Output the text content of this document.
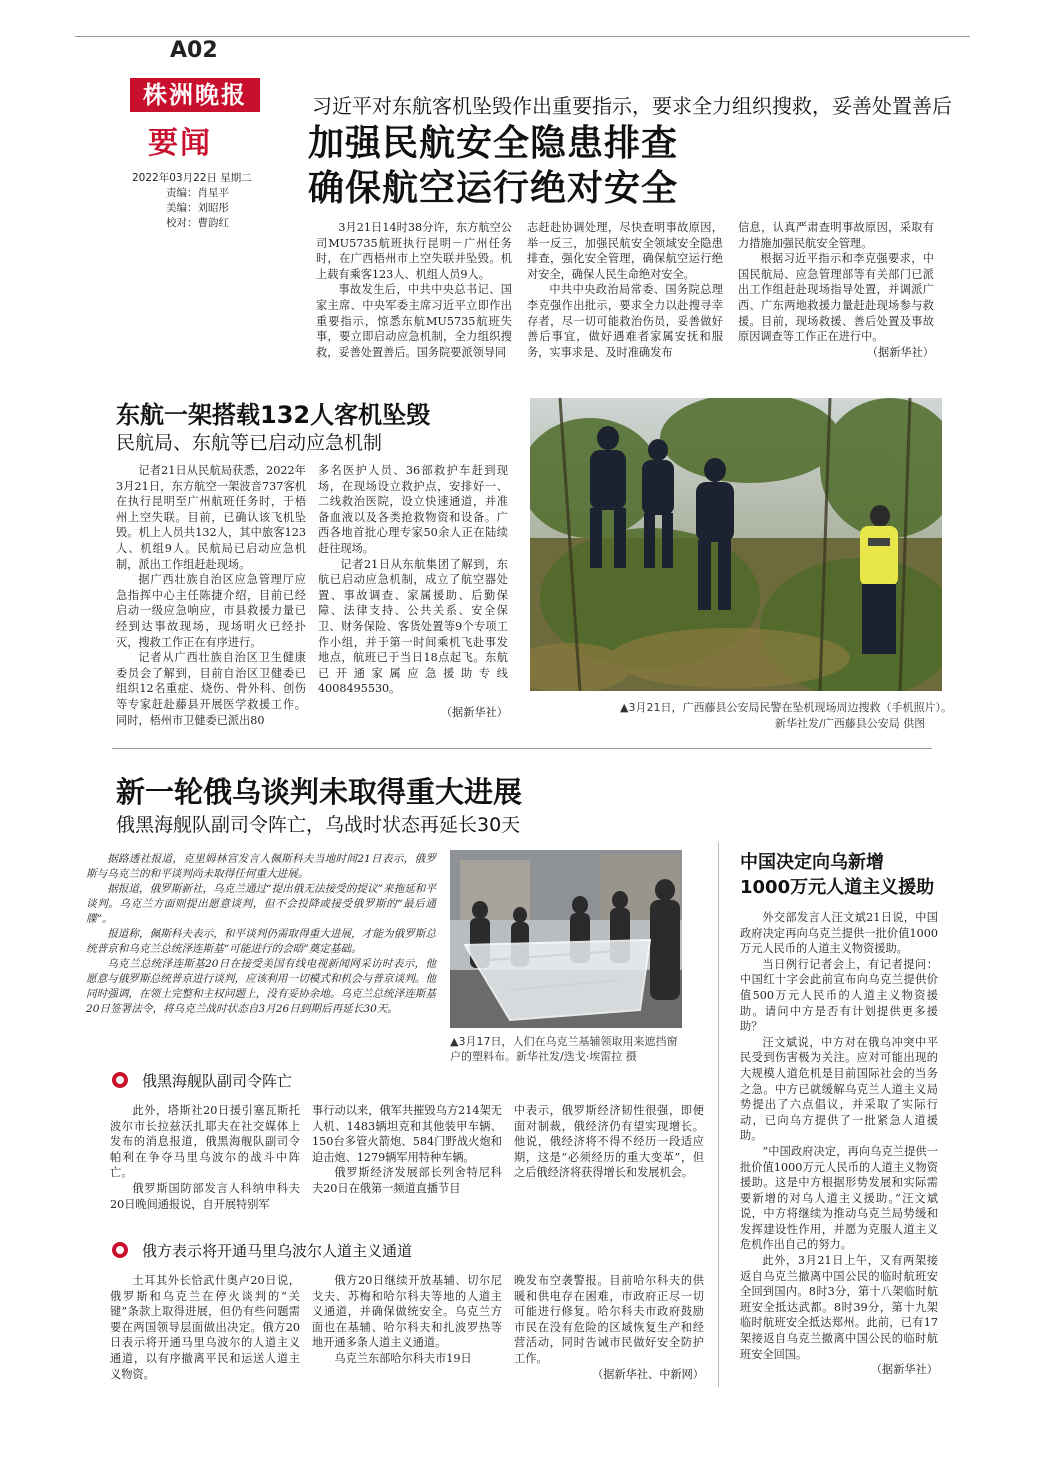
A02
株洲晚报
要闻
2022年03月22日 星期二
责编：肖星平
美编：刘昭彤
校对：曹韵红
习近平对东航客机坠毁作出重要指示，要求全力组织搜救，妥善处置善后
加强民航安全隐患排查
确保航空运行绝对安全

3月21日14时38分许，东方航空公司MU5735航班执行昆明－广州任务时，在广西梧州市上空失联并坠毁。机上载有乘客123人、机组人员9人。

事故发生后，中共中央总书记、国家主席、中央军委主席习近平立即作出重要指示，惊悉东航MU5735航班失事，要立即启动应急机制，全力组织搜救，妥善处置善后。国务院要派领导同

志赶赴协调处理，尽快查明事故原因，举一反三，加强民航安全领域安全隐患排查，强化安全管理，确保航空运行绝对安全，确保人民生命绝对安全。

中共中央政治局常委、国务院总理李克强作出批示，要求全力以赴搜寻幸存者，尽一切可能救治伤员，妥善做好善后事宜，做好遇难者家属安抚和服务，实事求是、及时准确发布

信息，认真严肃查明事故原因，采取有力措施加强民航安全管理。

根据习近平指示和李克强要求，中国民航局、应急管理部等有关部门已派出工作组赶赴现场指导处置，并调派广西、广东两地救援力量赶赴现场参与救援。目前，现场救援、善后处置及事故原因调查等工作正在进行中。

（据新华社）
东航一架搭载132人客机坠毁
民航局、东航等已启动应急机制

记者21日从民航局获悉，2022年3月21日，东方航空一架波音737客机在执行昆明至广州航班任务时，于梧州上空失联。目前，已确认该飞机坠毁。机上人员共132人，其中旅客123人、机组9人。民航局已启动应急机制，派出工作组赶赴现场。

据广西壮族自治区应急管理厅应急指挥中心主任陈捷介绍，目前已经启动一级应急响应，市县救援力量已经到达事故现场，现场明火已经扑灭，搜救工作正在有序进行。

记者从广西壮族自治区卫生健康委员会了解到，目前自治区卫健委已组织12名重症、烧伤、骨外科、创伤等专家赶赴藤县开展医学救援工作。同时，梧州市卫健委已派出80

多名医护人员、36部救护车赶到现场，在现场设立救护点，安排好一、二线救治医院，设立快速通道，并准备血液以及各类抢救物资和设备。广西各地首批心理专家50余人正在陆续赶往现场。

记者21日从东航集团了解到，东航已启动应急机制，成立了航空器处置、事故调查、家属援助、后勤保障、法律支持、公共关系、安全保卫、财务保险、客货处置等9个专项工作小组，并于第一时间乘机飞赴事发地点，航班已于当日18点起飞。东航已开通家属应急援助专线4008495530。

（据新华社）	▲3月21日，广西藤县公安局民警在坠机现场周边搜救（手机照片）。
新华社发/广西藤县公安局 供图
新一轮俄乌谈判未取得重大进展
俄黑海舰队副司令阵亡，乌战时状态再延长30天

据路透社报道，克里姆林宫发言人佩斯科夫当地时间21日表示，俄罗斯与乌克兰的和平谈判尚未取得任何重大进展。

据报道，俄罗斯新社，乌克兰通过“提出俄无法接受的提议”来拖延和平谈判。乌克兰方面则提出愿意谈判，但不会投降或接受俄罗斯的“最后通牒”。

报道称，佩斯科夫表示，和平谈判仍需取得重大进展，才能为俄罗斯总统普京和乌克兰总统泽连斯基“可能进行的会晤”奠定基础。

乌克兰总统泽连斯基20日在接受美国有线电视新闻网采访时表示，他愿意与俄罗斯总统普京进行谈判，应该利用一切模式和机会与普京谈判。他同时强调，在领土完整和主权问题上，没有妥协余地。乌克兰总统泽连斯基20日签署法令，将乌克兰战时状态自3月26日到期后再延长30天。

▲3月17日，人们在乌克兰基辅领取用来遮挡窗户的塑料布。新华社发/迭戈·埃雷拉 摄
俄黑海舰队副司令阵亡

此外，塔斯社20日援引塞瓦斯托波尔市长拉兹沃扎耶夫在社交媒体上发布的消息报道，俄黑海舰队副司令帕利在争夺马里乌波尔的战斗中阵亡。

俄罗斯国防部发言人科纳申科夫20日晚间通报说，自开展特别军

事行动以来，俄军共摧毁乌方214架无人机、1483辆坦克和其他装甲车辆、150台多管火箭炮、584门野战火炮和迫击炮、1279辆军用特种车辆。

俄罗斯经济发展部长列舍特尼科夫20日在俄第一频道直播节目

中表示，俄罗斯经济韧性很强，即便面对制裁，俄经济仍有望实现增长。他说，俄经济将不得不经历一段适应期，这是“必须经历的重大变革”，但之后俄经济将获得增长和发展机会。

俄方表示将开通马里乌波尔人道主义通道

土耳其外长恰武什奥卢20日说，俄罗斯和乌克兰在停火谈判的“关键”条款上取得进展，但仍有些问题需要在两国领导层面做出决定。俄方20日表示将开通马里乌波尔的人道主义通道，以有序撤离平民和运送人道主义物资。

俄方20日继续开放基辅、切尔尼戈夫、苏梅和哈尔科夫等地的人道主义通道，并确保做统安全。乌克兰方面也在基辅、哈尔科夫和扎波罗热等地开通多条人道主义通道。

乌克兰东部哈尔科夫市19日

晚发布空袭警报。目前哈尔科夫的供暖和供电存在困难，市政府正尽一切可能进行修复。哈尔科夫市政府鼓励市民在没有危险的区域恢复生产和经营活动，同时告诫市民做好安全防护工作。

（据新华社、中新网）
中国决定向乌新增
1000万元人道主义援助

外交部发言人汪文斌21日说，中国政府决定再向乌克兰提供一批价值1000万元人民币的人道主义物资援助。

当日例行记者会上，有记者提问：中国红十字会此前宣布向乌克兰提供价值500万元人民币的人道主义物资援助。请问中方是否有计划提供更多援助？

汪文斌说，中方对在俄乌冲突中平民受到伤害极为关注。应对可能出现的大规模人道危机是目前国际社会的当务之急。中方已就缓解乌克兰人道主义局势提出了六点倡议，并采取了实际行动，已向乌方提供了一批紧急人道援助。

“中国政府决定，再向乌克兰提供一批价值1000万元人民币的人道主义物资援助。这是中方根据形势发展和实际需要新增的对乌人道主义援助。”汪文斌说，中方将继续为推动乌克兰局势缓和发挥建设性作用，并愿为克服人道主义危机作出自己的努力。

此外，3月21日上午，又有两架接返自乌克兰撤离中国公民的临时航班安全回到国内。8时3分，第十八架临时航班安全抵达武都。8时39分，第十九架临时航班安全抵达郑州。此前，已有17架接返自乌克兰撤离中国公民的临时航班安全回国。

（据新华社）
